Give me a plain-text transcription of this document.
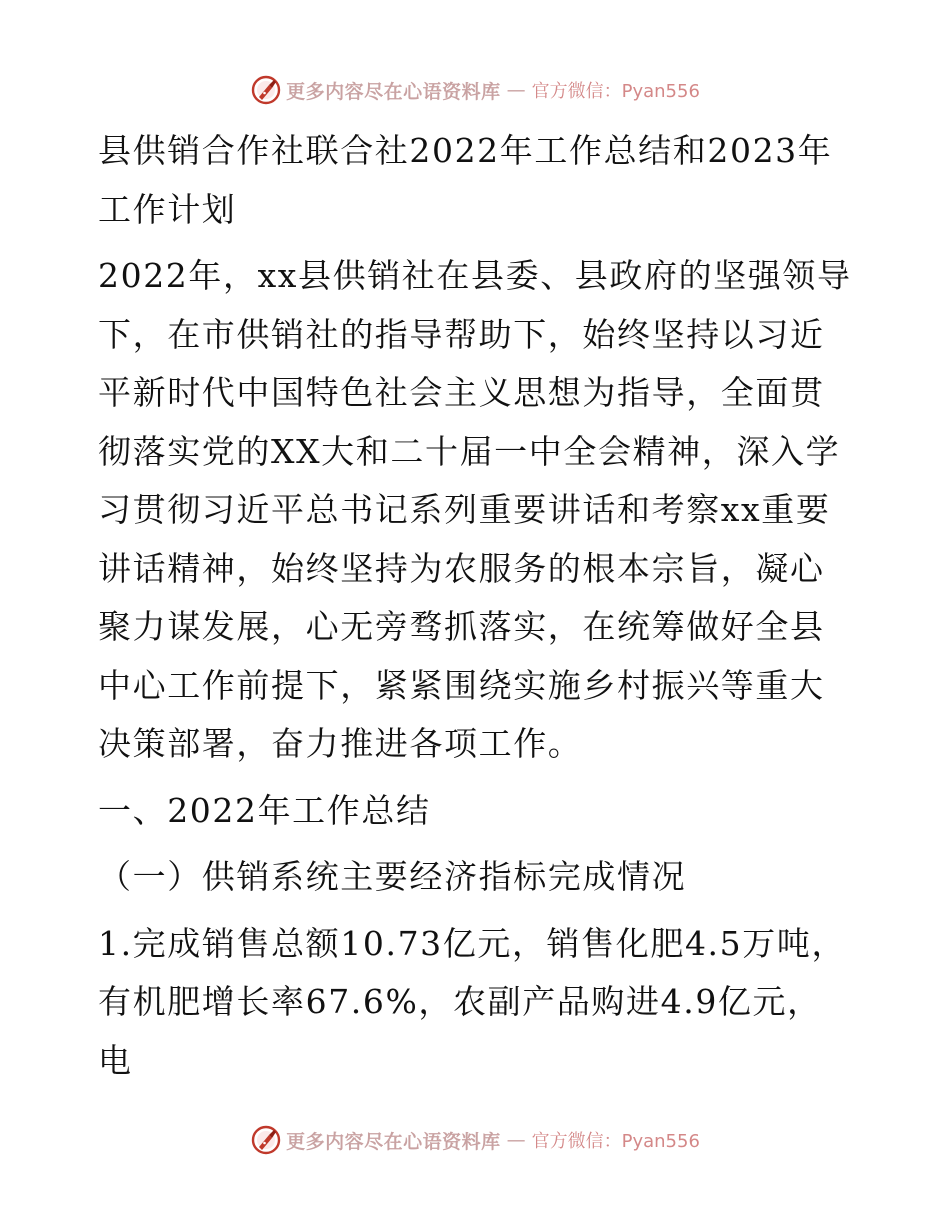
更多内容尽在心语资料库 — 官方微信：Pyan556

县供销合作社联合社2022年工作总结和2023年工作计划

2022年，xx县供销社在县委、县政府的坚强领导下，在市供销社的指导帮助下，始终坚持以习近平新时代中国特色社会主义思想为指导，全面贯彻落实党的XX大和二十届一中全会精神，深入学习贯彻习近平总书记系列重要讲话和考察xx重要讲话精神，始终坚持为农服务的根本宗旨，凝心聚力谋发展，心无旁骛抓落实，在统筹做好全县中心工作前提下，紧紧围绕实施乡村振兴等重大决策部署，奋力推进各项工作。

一、2022年工作总结

（一）供销系统主要经济指标完成情况

1.完成销售总额10.73亿元，销售化肥4.5万吨，有机肥增长率67.6%，农副产品购进4.9亿元，电

更多内容尽在心语资料库 — 官方微信：Pyan556
